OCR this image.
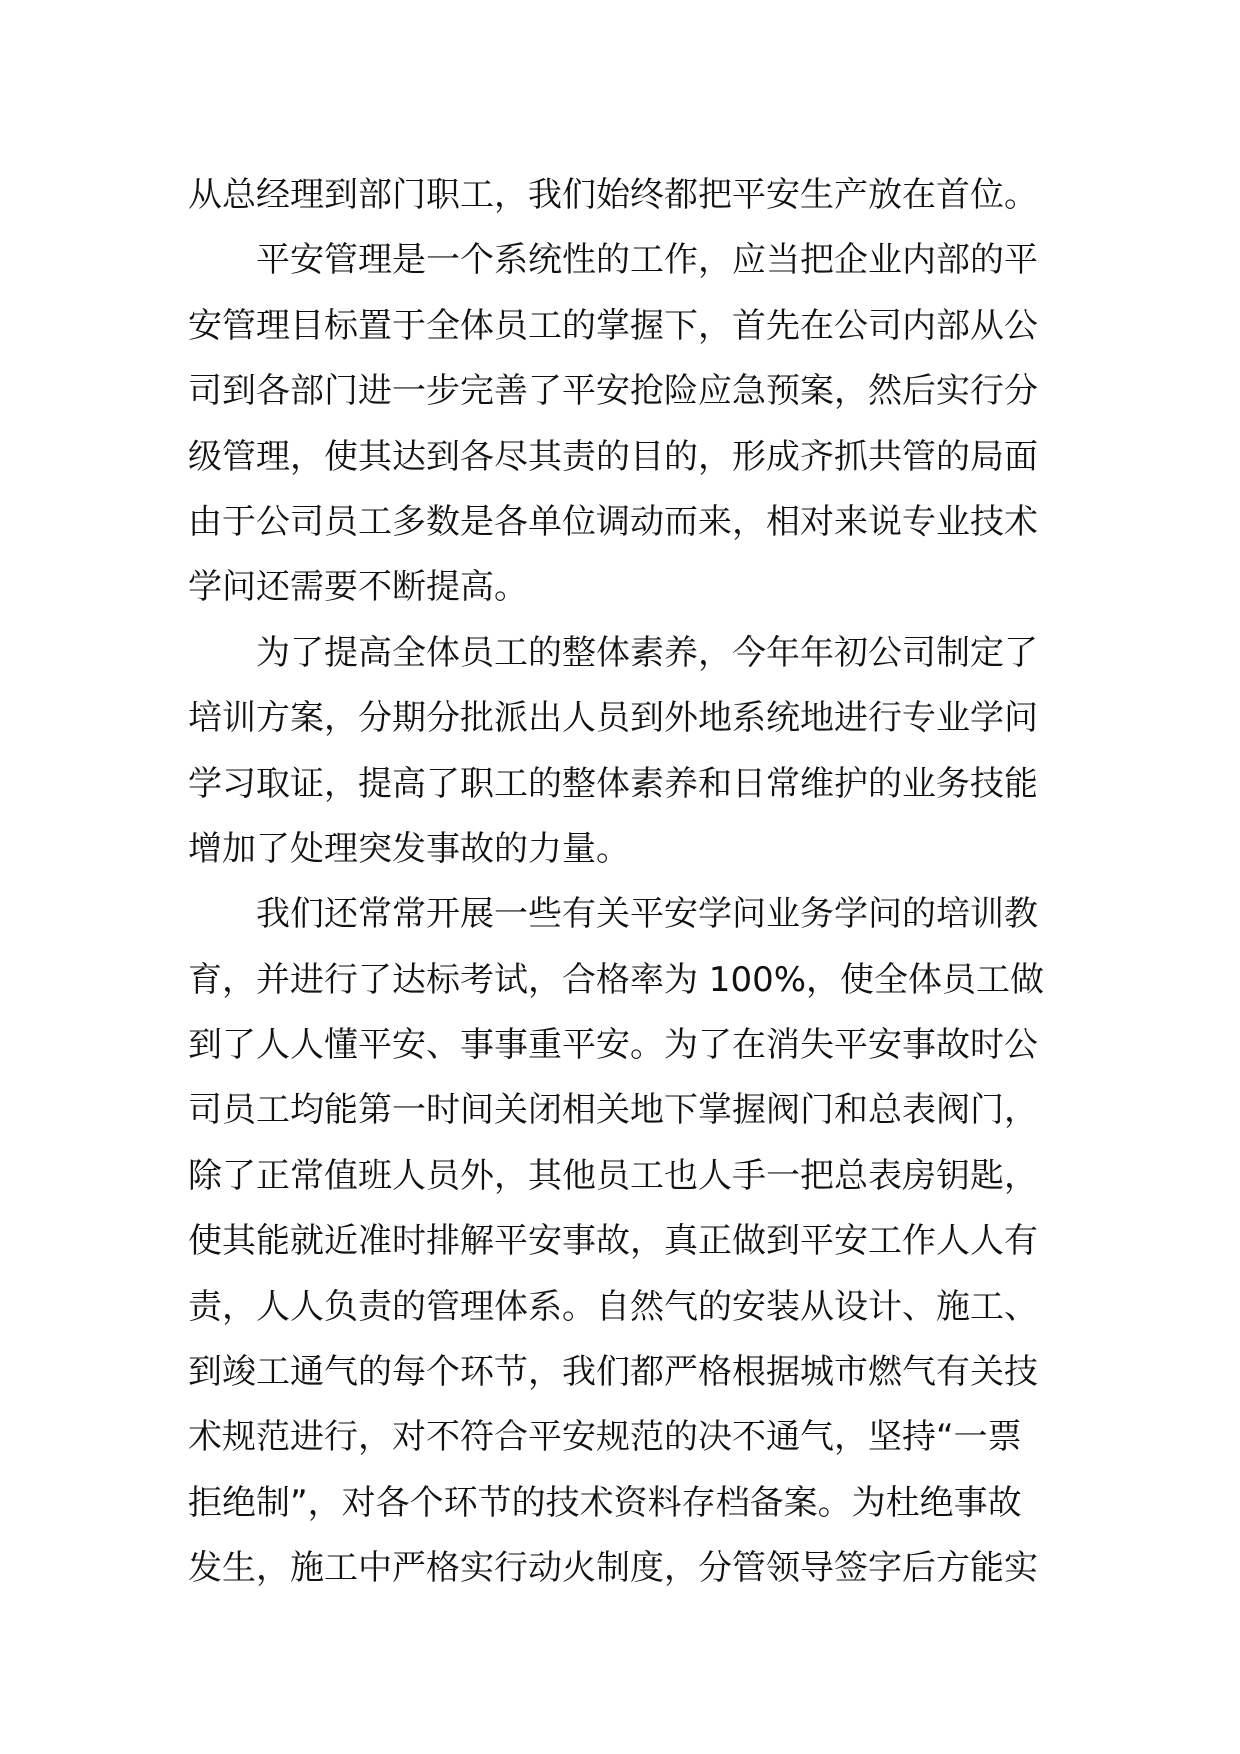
从总经理到部门职工，我们始终都把平安生产放在首位。
平安管理是一个系统性的工作，应当把企业内部的平
安管理目标置于全体员工的掌握下，首先在公司内部从公
司到各部门进一步完善了平安抢险应急预案，然后实行分
级管理，使其达到各尽其责的目的，形成齐抓共管的局面
由于公司员工多数是各单位调动而来，相对来说专业技术
学问还需要不断提高。
为了提高全体员工的整体素养，今年年初公司制定了
培训方案，分期分批派出人员到外地系统地进行专业学问
学习取证，提高了职工的整体素养和日常维护的业务技能
增加了处理突发事故的力量。
我们还常常开展一些有关平安学问业务学问的培训教
育，并进行了达标考试，合格率为 100%，使全体员工做
到了人人懂平安、事事重平安。为了在消失平安事故时公
司员工均能第一时间关闭相关地下掌握阀门和总表阀门，
除了正常值班人员外，其他员工也人手一把总表房钥匙，
使其能就近准时排解平安事故，真正做到平安工作人人有
责，人人负责的管理体系。自然气的安装从设计、施工、
到竣工通气的每个环节，我们都严格根据城市燃气有关技
术规范进行，对不符合平安规范的决不通气，坚持“一票
拒绝制”，对各个环节的技术资料存档备案。为杜绝事故
发生，施工中严格实行动火制度，分管领导签字后方能实
